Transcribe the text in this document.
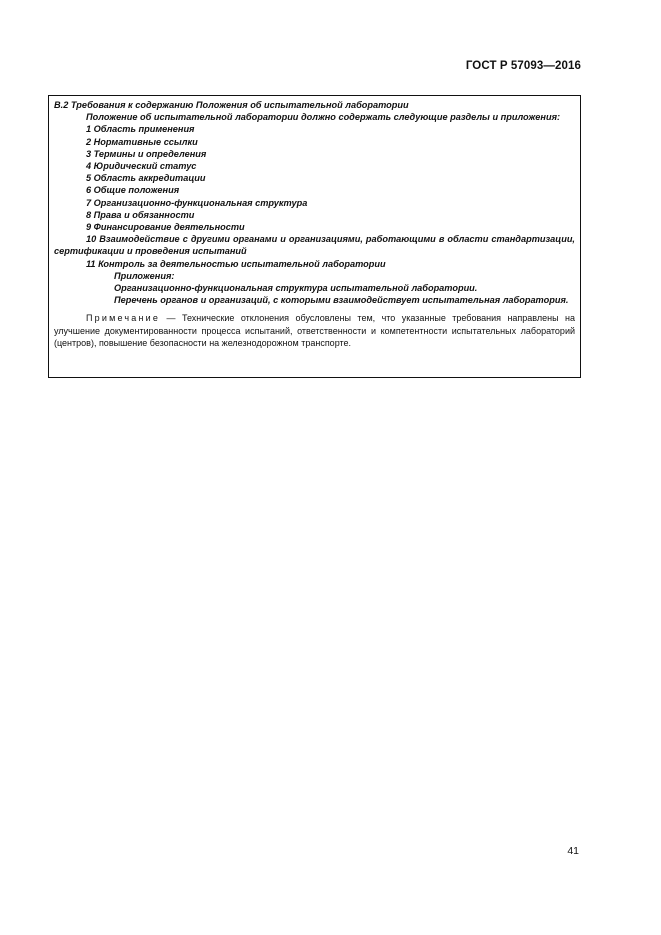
ГОСТ Р 57093—2016
В.2 Требования к содержанию Положения об испытательной лаборатории
Положение об испытательной лаборатории должно содержать следующие разделы и приложения:
1 Область применения
2 Нормативные ссылки
3 Термины и определения
4 Юридический статус
5 Область аккредитации
6 Общие положения
7 Организационно-функциональная структура
8 Права и обязанности
9 Финансирование деятельности
10 Взаимодействие с другими органами и организациями, работающими в области стандартизации, сертификации и проведения испытаний
11 Контроль за деятельностью испытательной лаборатории
Приложения:
Организационно-функциональная структура испытательной лаборатории.
Перечень органов и организаций, с которыми взаимодействует испытательная лаборатория.
Примечание — Технические отклонения обусловлены тем, что указанные требования направлены на улучшение документированности процесса испытаний, ответственности и компетентности испытательных лабораторий (центров), повышение безопасности на железнодорожном транспорте.
41
